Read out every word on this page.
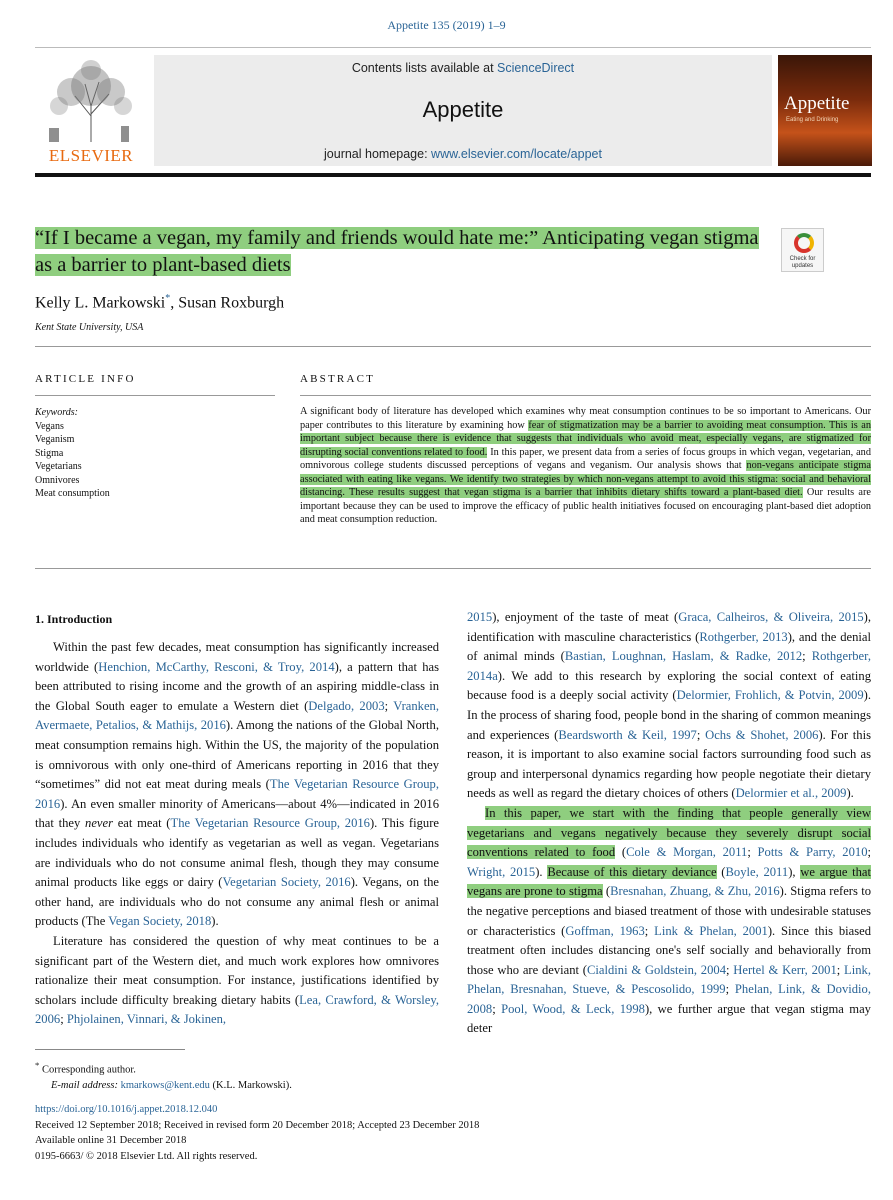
Appetite 135 (2019) 1–9
ELSEVIER
Contents lists available at ScienceDirect
Appetite
journal homepage: www.elsevier.com/locate/appet
Appetite
Eating and Drinking
“If I became a vegan, my family and friends would hate me:” Anticipating vegan stigma as a barrier to plant-based diets	Check for
updates
Kelly L. Markowski*, Susan Roxburgh
Kent State University, USA
ARTICLE INFO	ABSTRACT
Keywords:
Vegans
Veganism
Stigma
Vegetarians
Omnivores
Meat consumption
A significant body of literature has developed which examines why meat consumption continues to be so important to Americans. Our paper contributes to this literature by examining how fear of stigmatization may be a barrier to avoiding meat consumption. This is an important subject because there is evidence that suggests that individuals who avoid meat, especially vegans, are stigmatized for disrupting social conventions related to food. In this paper, we present data from a series of focus groups in which vegan, vegetarian, and omnivorous college students discussed perceptions of vegans and veganism. Our analysis shows that non-vegans anticipate stigma associated with eating like vegans. We identify two strategies by which non-vegans attempt to avoid this stigma: social and behavioral distancing. These results suggest that vegan stigma is a barrier that inhibits dietary shifts toward a plant-based diet. Our results are important because they can be used to improve the efficacy of public health initiatives focused on encouraging plant-based diet adoption and meat consumption reduction.
1. Introduction

Within the past few decades, meat consumption has significantly increased worldwide (Henchion, McCarthy, Resconi, & Troy, 2014), a pattern that has been attributed to rising income and the growth of an aspiring middle-class in the Global South eager to emulate a Western diet (Delgado, 2003; Vranken, Avermaete, Petalios, & Mathijs, 2016). Among the nations of the Global North, meat consumption remains high. Within the US, the majority of the population is omnivorous with only one-third of Americans reporting in 2016 that they “sometimes” did not eat meat during meals (The Vegetarian Resource Group, 2016). An even smaller minority of Americans—about 4%—indicated in 2016 that they never eat meat (The Vegetarian Resource Group, 2016). This figure includes individuals who identify as vegetarian as well as vegan. Vegetarians are individuals who do not consume animal flesh, though they may consume animal products like eggs or dairy (Vegetarian Society, 2016). Vegans, on the other hand, are individuals who do not consume any animal flesh or animal products (The Vegan Society, 2018).

Literature has considered the question of why meat continues to be a significant part of the Western diet, and much work explores how omnivores rationalize their meat consumption. For instance, justifications identified by scholars include difficulty breaking dietary habits (Lea, Crawford, & Worsley, 2006; Phjolainen, Vinnari, & Jokinen,

2015), enjoyment of the taste of meat (Graca, Calheiros, & Oliveira, 2015), identification with masculine characteristics (Rothgerber, 2013), and the denial of animal minds (Bastian, Loughnan, Haslam, & Radke, 2012; Rothgerber, 2014a). We add to this research by exploring the social context of eating because food is a deeply social activity (Delormier, Frohlich, & Potvin, 2009). In the process of sharing food, people bond in the sharing of common meanings and experiences (Beardsworth & Keil, 1997; Ochs & Shohet, 2006). For this reason, it is important to also examine social factors surrounding food such as group and interpersonal dynamics regarding how people negotiate their dietary needs as well as regard the dietary choices of others (Delormier et al., 2009).

In this paper, we start with the finding that people generally view vegetarians and vegans negatively because they severely disrupt social conventions related to food (Cole & Morgan, 2011; Potts & Parry, 2010; Wright, 2015). Because of this dietary deviance (Boyle, 2011), we argue that vegans are prone to stigma (Bresnahan, Zhuang, & Zhu, 2016). Stigma refers to the negative perceptions and biased treatment of those with undesirable statuses or characteristics (Goffman, 1963; Link & Phelan, 2001). Since this biased treatment often includes distancing one's self socially and behaviorally from those who are deviant (Cialdini & Goldstein, 2004; Hertel & Kerr, 2001; Link, Phelan, Bresnahan, Stueve, & Pescosolido, 1999; Phelan, Link, & Dovidio, 2008; Pool, Wood, & Leck, 1998), we further argue that vegan stigma may deter

* Corresponding author.
E-mail address: kmarkows@kent.edu (K.L. Markowski).
https://doi.org/10.1016/j.appet.2018.12.040
Received 12 September 2018; Received in revised form 20 December 2018; Accepted 23 December 2018
Available online 31 December 2018
0195-6663/ © 2018 Elsevier Ltd. All rights reserved.
